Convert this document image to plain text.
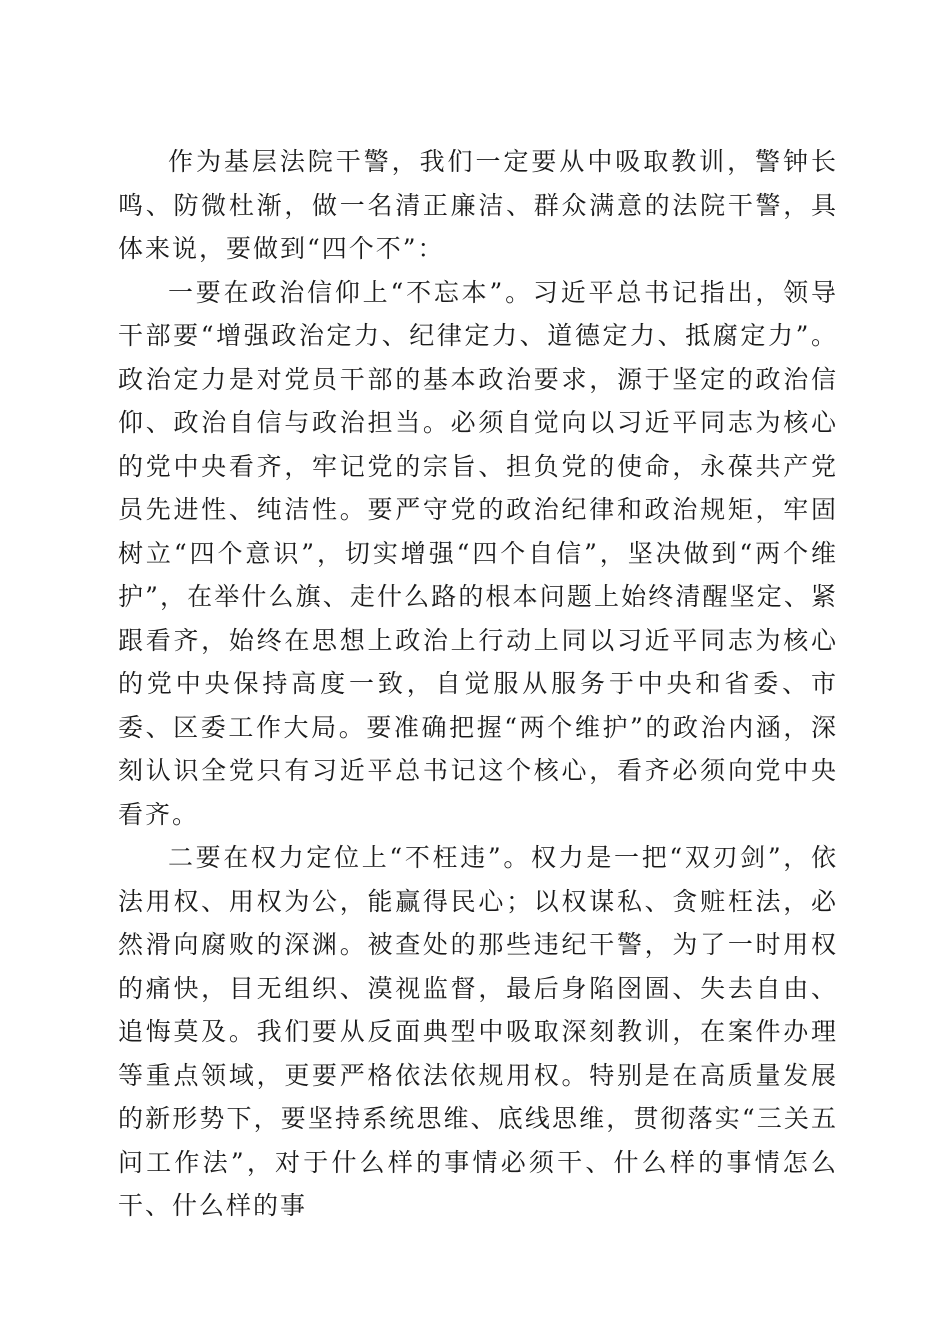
作为基层法院干警，我们一定要从中吸取教训，警钟长鸣、防微杜渐，做一名清正廉洁、群众满意的法院干警，具体来说，要做到“四个不”：

一要在政治信仰上“不忘本”。习近平总书记指出，领导干部要“增强政治定力、纪律定力、道德定力、抵腐定力”。政治定力是对党员干部的基本政治要求，源于坚定的政治信仰、政治自信与政治担当。必须自觉向以习近平同志为核心的党中央看齐，牢记党的宗旨、担负党的使命，永葆共产党员先进性、纯洁性。要严守党的政治纪律和政治规矩，牢固树立“四个意识”，切实增强“四个自信”，坚决做到“两个维护”，在举什么旗、走什么路的根本问题上始终清醒坚定、紧跟看齐，始终在思想上政治上行动上同以习近平同志为核心的党中央保持高度一致，自觉服从服务于中央和省委、市委、区委工作大局。要准确把握“两个维护”的政治内涵，深刻认识全党只有习近平总书记这个核心，看齐必须向党中央看齐。

二要在权力定位上“不枉违”。权力是一把“双刃剑”，依法用权、用权为公，能赢得民心；以权谋私、贪赃枉法，必然滑向腐败的深渊。被查处的那些违纪干警，为了一时用权的痛快，目无组织、漠视监督，最后身陷囹圄、失去自由、追悔莫及。我们要从反面典型中吸取深刻教训，在案件办理等重点领域，更要严格依法依规用权。特别是在高质量发展的新形势下，要坚持系统思维、底线思维，贯彻落实“三关五问工作法”，对于什么样的事情必须干、什么样的事情怎么干、什么样的事
